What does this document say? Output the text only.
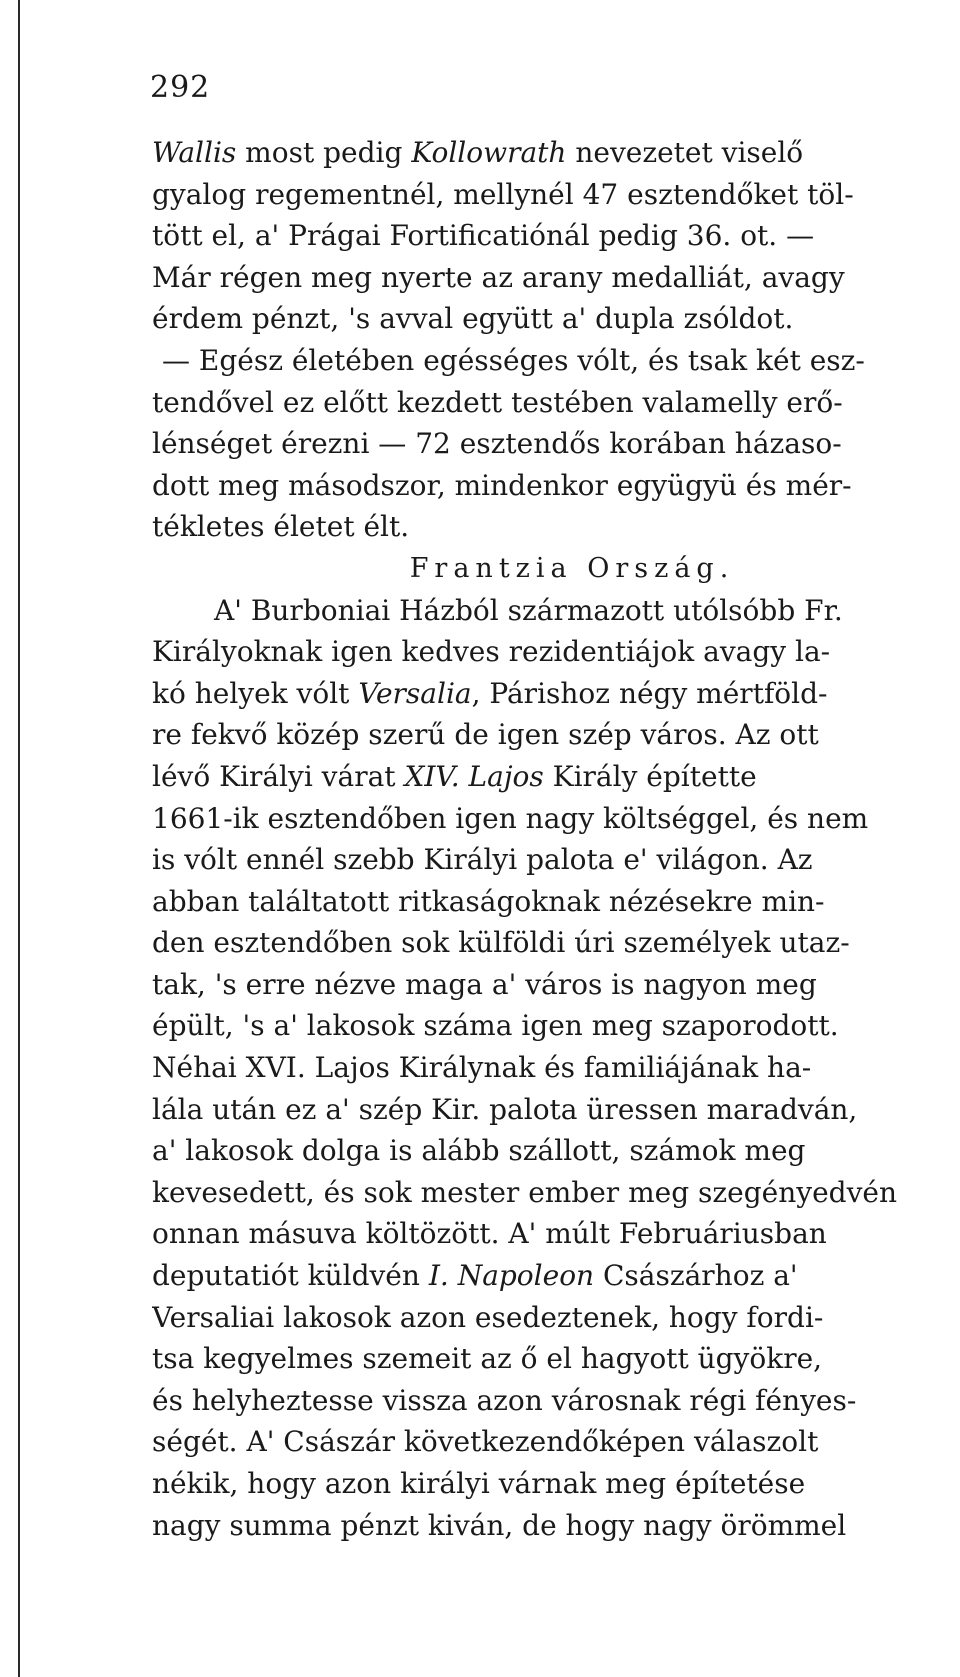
292
Wallis most pedig Kollowrath nevezetet viselő
gyalog regementnél, mellynél 47 esztendőket töl-
tött el, a' Prágai Fortificatiónál pedig 36. ot. —
Már régen meg nyerte az arany medalliát, avagy
érdem pénzt, 's avval együtt a' dupla zsóldot.
— Egész életében egésséges vólt, és tsak két esz-
tendővel ez előtt kezdett testében valamelly erő-
lénséget érezni — 72 esztendős korában házaso-
dott meg másodszor, mindenkor együgyü és mér-
tékletes életet élt.
Frantzia Ország.
A' Burboniai Házból származott utólsóbb Fr.
Királyoknak igen kedves rezidentiájok avagy la-
kó helyek vólt Versalia, Párishoz négy mértföld-
re fekvő közép szerű de igen szép város. Az ott
lévő Királyi várat XIV. Lajos Király építette
1661-ik esztendőben igen nagy költséggel, és nem
is vólt ennél szebb Királyi palota e' világon. Az
abban találtatott ritkaságoknak nézésekre min-
den esztendőben sok külföldi úri személyek utaz-
tak, 's erre nézve maga a' város is nagyon meg
épült, 's a' lakosok száma igen meg szaporodott.
Néhai XVI. Lajos Királynak és familiájának ha-
lála után ez a' szép Kir. palota üressen maradván,
a' lakosok dolga is alább szállott, számok meg
kevesedett, és sok mester ember meg szegényedvén
onnan másuva költözött. A' múlt Februáriusban
deputatiót küldvén I. Napoleon Császárhoz a'
Versaliai lakosok azon esedeztenek, hogy fordi-
tsa kegyelmes szemeit az ő el hagyott ügyökre,
és helyheztesse vissza azon városnak régi fényes-
ségét. A' Császár következendőképen válaszolt
nékik, hogy azon királyi várnak meg építetése
nagy summa pénzt kiván, de hogy nagy örömmel
